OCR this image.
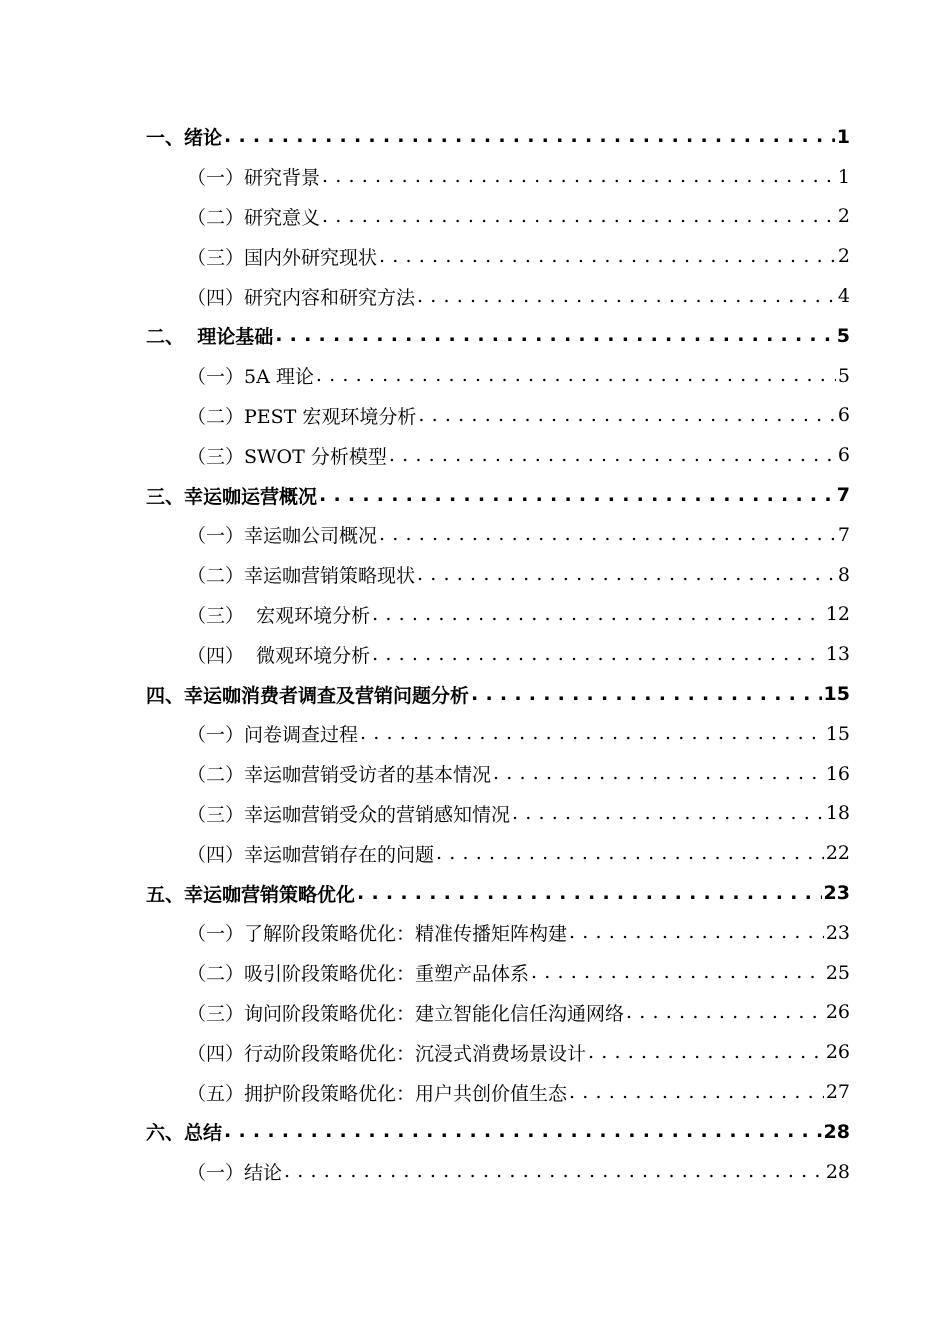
一、绪论 .....	1
（一）研究背景 .....	1
（二）研究意义 .....	2
（三）国内外研究现状 .....	2
（四）研究内容和研究方法 .....	4
二、  理论基础 .....	5
（一）5A 理论 .....	5
（二）PEST 宏观环境分析 .....	6
（三）SWOT 分析模型 .....	6
三、幸运咖运营概况 .....	7
（一）幸运咖公司概况 .....	7
（二）幸运咖营销策略现状 .....	8
（三）  宏观环境分析 .....	12
（四）  微观环境分析 .....	13
四、幸运咖消费者调查及营销问题分析 .....	15
（一）问卷调查过程 .....	15
（二）幸运咖营销受访者的基本情况 .....	16
（三）幸运咖营销受众的营销感知情况 .....	18
（四）幸运咖营销存在的问题 .....	22
五、幸运咖营销策略优化 .....	23
（一）了解阶段策略优化：精准传播矩阵构建 .....	23
（二）吸引阶段策略优化：重塑产品体系 .....	25
（三）询问阶段策略优化：建立智能化信任沟通网络 .....	26
（四）行动阶段策略优化：沉浸式消费场景设计 .....	26
（五）拥护阶段策略优化：用户共创价值生态 .....	27
六、总结 .....	28
（一）结论 .....	28
